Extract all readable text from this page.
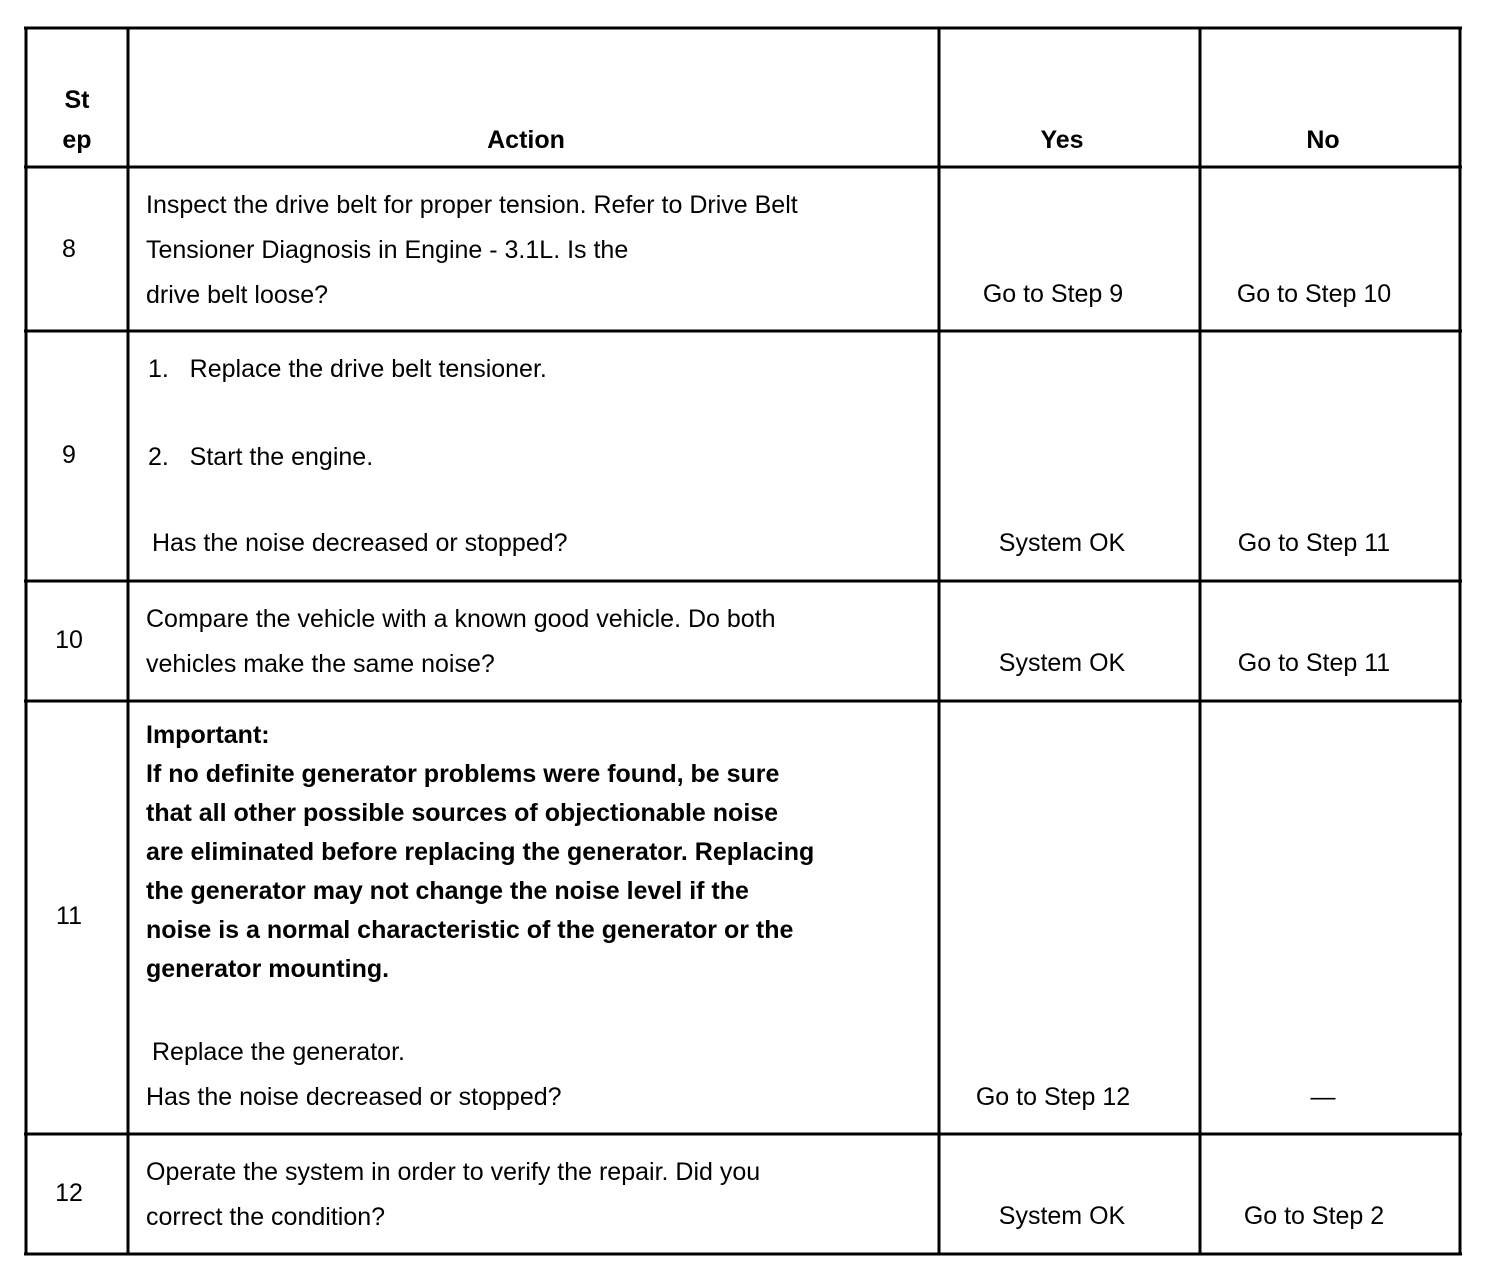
St
ep	Action	Yes	No
8
Inspect the drive belt for proper tension. Refer to Drive Belt
Tensioner Diagnosis in Engine - 3.1L. Is the
drive belt loose?	Go to Step 9	Go to Step 10
9
1.   Replace the drive belt tensioner.
2.   Start the engine.
Has the noise decreased or stopped?	System OK	Go to Step 11
10
Compare the vehicle with a known good vehicle. Do both
vehicles make the same noise?	System OK	Go to Step 11
11
Important:
If no definite generator problems were found, be sure
that all other possible sources of objectionable noise
are eliminated before replacing the generator. Replacing
the generator may not change the noise level if the
noise is a normal characteristic of the generator or the
generator mounting.
Replace the generator.
Has the noise decreased or stopped?	Go to Step 12	—
12
Operate the system in order to verify the repair. Did you
correct the condition?	System OK	Go to Step 2
